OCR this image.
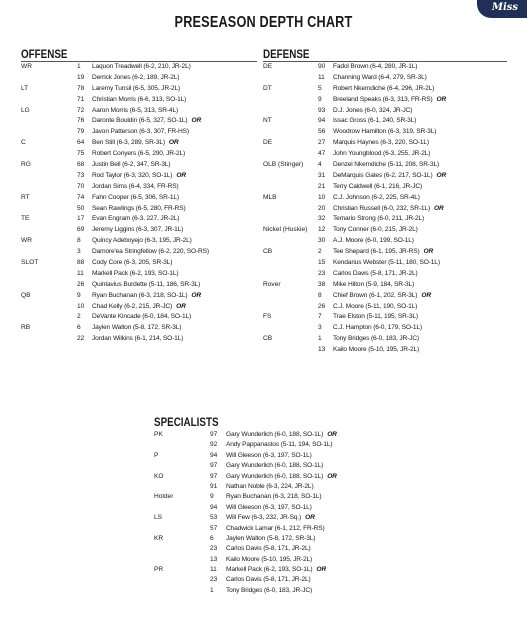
Miss
PRESEASON DEPTH CHART
OFFENSE
WR	1 Laquon Treadwell (6-2, 210, JR-2L)
19 Derrick Jones (6-2, 189, JR-2L)
LT	78 Laremy Tunsil (6-5, 305, JR-2L)
71 Christian Morris (6-6, 313, SO-1L)
LG	72 Aaron Morris (6-5, 313, SR-4L)
76 Daronte Bouldin (6-5, 327, SO-1L) OR
79 Javon Patterson (6-3, 307, FR-HS)
C	64 Ben Still (6-3, 289, SR-3L) OR
75 Robert Conyers (6-5, 290, JR-2L)
RG	68 Justin Bell (6-2, 347, SR-3L)
73 Rod Taylor (6-3, 320, SO-1L) OR
70 Jordan Sims (6-4, 334, FR-RS)
RT	74 Fahn Cooper (6-5, 306, SR-1L)
50 Sean Rawlings (6-5, 280, FR-RS)
TE	17 Evan Engram (6-3, 227, JR-2L)
69 Jeremy Liggins (6-3, 307, JR-1L)
WR	8 Quincy Adeboyejo (6-3, 195, JR-2L)
3 Damore'ea Stringfellow (6-2, 220, SO-RS)
SLOT	88 Cody Core (6-3, 205, SR-3L)
11 Markell Pack (6-2, 193, SO-1L)
26 Quintavius Burdette (5-11, 186, SR-3L)
QB	9 Ryan Buchanan (6-3, 218, SO-1L) OR
10 Chad Kelly (6-2, 215, JR-JC) OR
2 DeVante Kincade (6-0, 184, SO-1L)
RB	6 Jaylen Walton (5-8, 172, SR-3L)
22 Jordan Wilkins (6-1, 214, SO-1L)
DEFENSE
DE	90 Fadol Brown (6-4, 280, JR-1L)
11 Channing Ward (6-4, 279, SR-3L)
DT	5 Robert Nkemdiche (6-4, 296, JR-2L)
9 Breeland Speaks (6-3, 313, FR-RS) OR
93 D.J. Jones (6-0, 324, JR-JC)
NT	94 Issac Gross (6-1, 240, SR-3L)
56 Woodrow Hamilton (6-3, 319, SR-3L)
DE	27 Marquis Haynes (6-3, 220, SO-1L)
47 John Youngblood (6-3, 255, JR-2L)
OLB (Stinger) 4 Denzel Nkemdiche (5-11, 208, SR-3L)
31 DeMarquis Gates (6-2, 217, SO-1L) OR
21 Terry Caldwell (6-1, 216, JR-JC)
MLB	10 C.J. Johnson (6-2, 225, SR-4L)
20 Christian Russell (6-0, 232, SR-1L) OR
32 Temario Strong (6-0, 211, JR-2L)
Nickel (Huskie) 12 Tony Conner (6-0, 215, JR-2L)
30 A.J. Moore (6-0, 199, SO-1L)
CB	2 Tee Shepard (6-1, 195, JR-RS) OR
15 Kendarius Webster (5-11, 180, SO-1L)
23 Carlos Davis (5-8, 171, JR-2L)
Rover	38 Mike Hilton (5-9, 184, SR-3L)
8 Chief Brown (6-1, 202, SR-3L) OR
26 C.J. Moore (5-11, 190, SO-1L)
FS	7 Trae Elston (5-11, 195, SR-3L)
3 C.J. Hampton (6-0, 179, SO-1L)
CB	1 Tony Bridges (6-0, 183, JR-JC)
13 Kailo Moore (5-10, 195, JR-2L)
SPECIALISTS
PK	97 Gary Wunderlich (6-0, 188, SO-1L) OR
92 Andy Pappanastos (5-11, 194, SO-1L)
P	94 Will Gleeson (6-3, 197, SO-1L)
97 Gary Wunderlich (6-0, 188, SO-1L)
KO	97 Gary Wunderlich (6-0, 188, SO-1L) OR
91 Nathan Noble (6-3, 224, JR-2L)
Holder	9 Ryan Buchanan (6-3, 218, SO-1L)
94 Will Gleeson (6-3, 197, SO-1L)
LS	53 Will Few (6-3, 232, JR-Sq.) OR
57 Chadwick Lamar (6-1, 212, FR-RS)
KR	6 Jaylen Walton (5-8, 172, SR-3L)
23 Carlos Davis (5-8, 171, JR-2L)
13 Kailo Moore (5-10, 195, JR-2L)
PR	11 Markell Pack (6-2, 193, SO-1L) OR
23 Carlos Davis (5-8, 171, JR-2L)
1 Tony Bridges (6-0, 183, JR-JC)
